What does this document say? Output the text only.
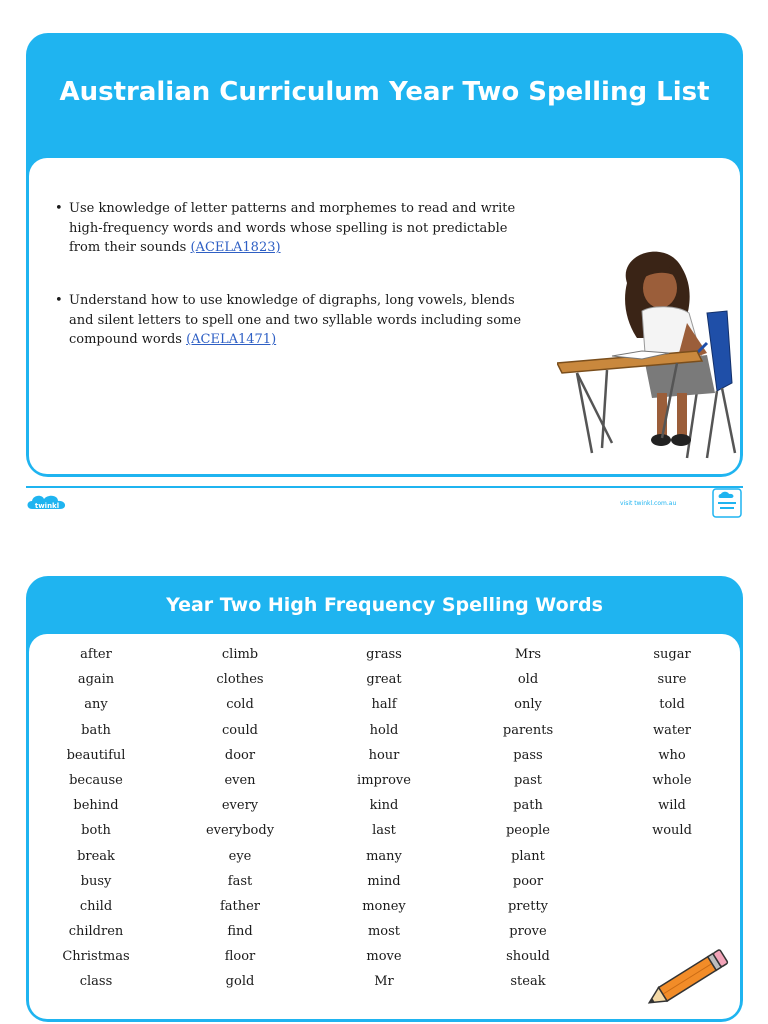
Australian Curriculum Year Two Spelling List
• Use knowledge of letter patterns and morphemes to read and write high-frequency words and words whose spelling is not predictable from their sounds (ACELA1823)
• Understand how to use knowledge of digraphs, long vowels, blends and silent letters to spell one and two syllable words including some compound words (ACELA1471)
twinkl	visit twinkl.com.au
Year Two High Frequency Spelling Words
after
again
any
bath
beautiful
because
behind
both
break
busy
child
children
Christmas
class
climb
clothes
cold
could
door
even
every
everybody
eye
fast
father
find
floor
gold
grass
great
half
hold
hour
improve
kind
last
many
mind
money
most
move
Mr
Mrs
old
only
parents
pass
past
path
people
plant
poor
pretty
prove
should
steak
sugar
sure
told
water
who
whole
wild
would
